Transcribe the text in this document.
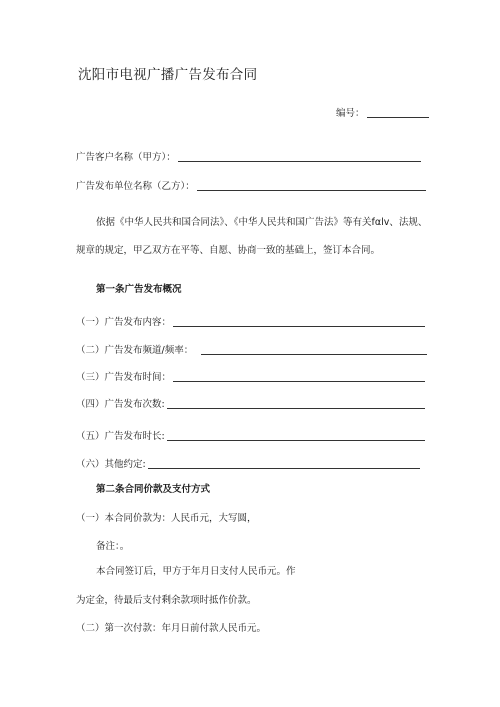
沈阳市电视广播广告发布合同
编号：
广告客户名称（甲方）：
广告发布单位名称（乙方）：
依据《中华人民共和国合同法》、《中华人民共和国广告法》等有关fαlv、法规、
规章的规定，甲乙双方在平等、自愿、协商一致的基础上，签订本合同。
第一条广告发布概况
（一）广告发布内容：
（二）广告发布频道/频率：
（三）广告发布时间：
（四）广告发布次数:
（五）广告发布时长:
（六）其他约定:
第二条合同价款及支付方式
（一）本合同价款为：人民币元，大写圆，
备注：。
本合同签订后，甲方于年月日支付人民币元。作
为定金，待最后支付剩余款项时抵作价款。
（二）第一次付款：年月日前付款人民币元。
